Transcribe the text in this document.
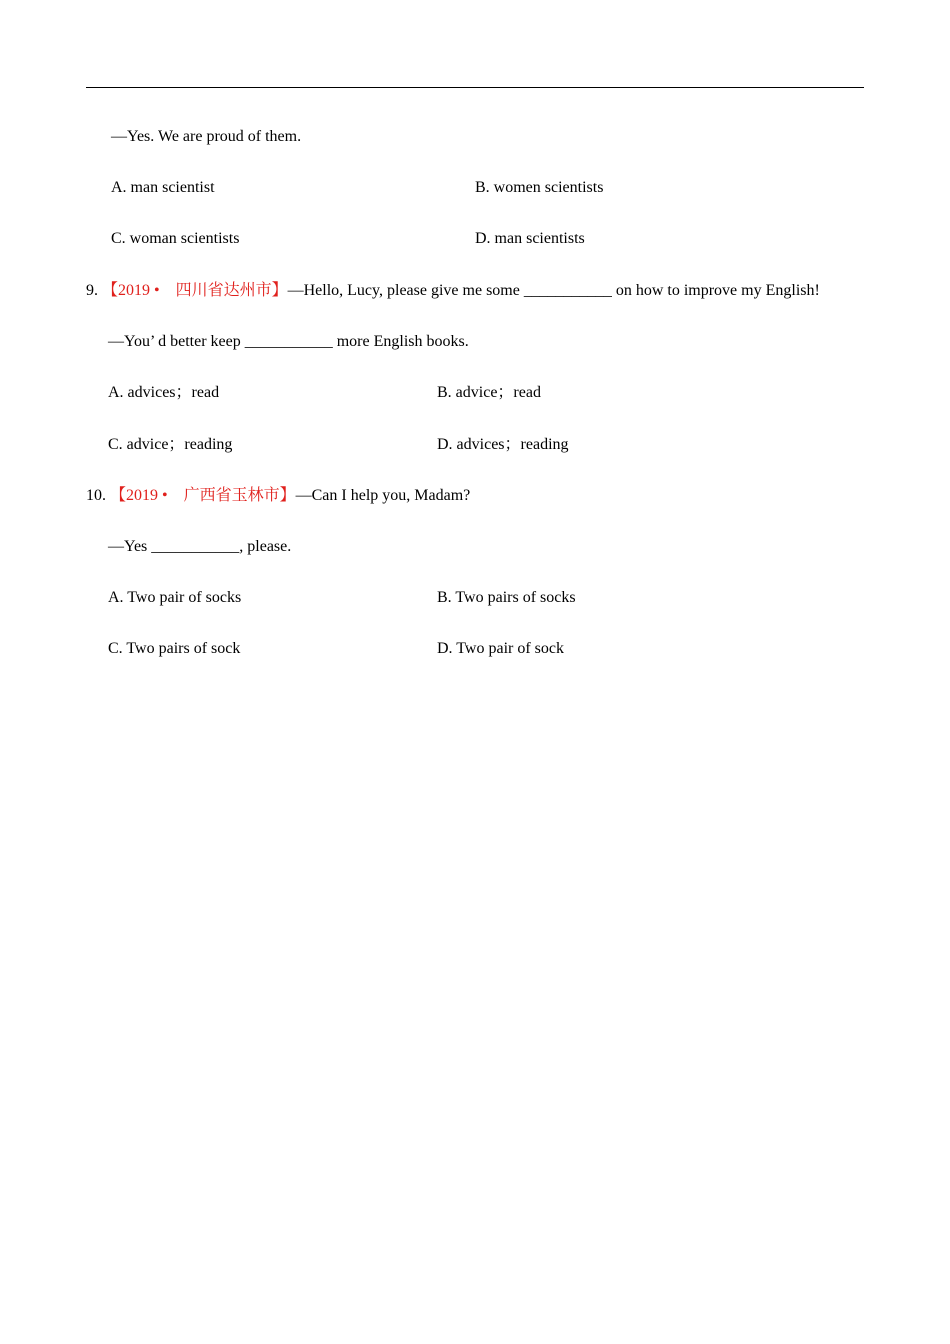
—Yes. We are proud of them.
A. man scientist	B. women scientists
C. woman scientists	D. man scientists
9. 【2019 •　四川省达州市】—Hello, Lucy, please give me some ___________ on how to improve my English!
—You’ d better keep ___________ more English books.
A. advices；read	B. advice；read
C. advice；reading	D. advices；reading
10. 【2019 •　广西省玉林市】—Can I help you, Madam?
—Yes ___________, please.
A. Two pair of socks	B. Two pairs of socks
C. Two pairs of sock	D. Two pair of sock
